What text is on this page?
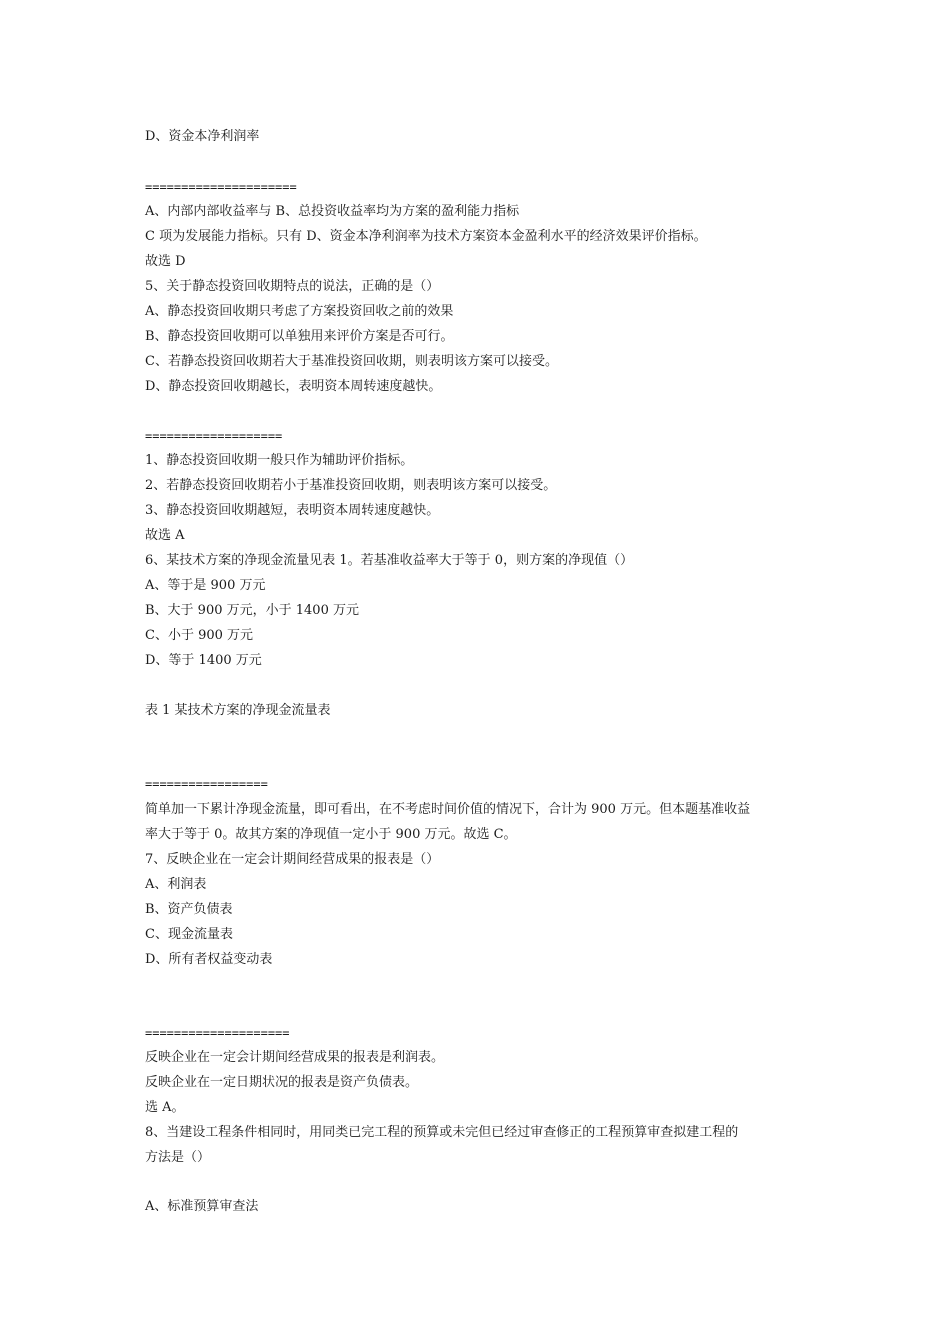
D、资金本净利润率
=====================
A、内部内部收益率与 B、总投资收益率均为方案的盈利能力指标
C 项为发展能力指标。只有 D、资金本净利润率为技术方案资本金盈利水平的经济效果评价指标。
故选 D
5、关于静态投资回收期特点的说法，正确的是（）
A、静态投资回收期只考虑了方案投资回收之前的效果
B、静态投资回收期可以单独用来评价方案是否可行。
C、若静态投资回收期若大于基准投资回收期，则表明该方案可以接受。
D、静态投资回收期越长，表明资本周转速度越快。
===================
1、静态投资回收期一般只作为辅助评价指标。
2、若静态投资回收期若小于基准投资回收期，则表明该方案可以接受。
3、静态投资回收期越短，表明资本周转速度越快。
故选 A
6、某技术方案的净现金流量见表 1。若基准收益率大于等于 0，则方案的净现值（）
A、等于是 900 万元
B、大于 900 万元，小于 1400 万元
C、小于 900 万元
D、等于 1400 万元
表 1 某技术方案的净现金流量表
=================
简单加一下累计净现金流量，即可看出，在不考虑时间价值的情况下，合计为 900 万元。但本题基准收益
率大于等于 0。故其方案的净现值一定小于 900 万元。故选 C。
7、反映企业在一定会计期间经营成果的报表是（）
A、利润表
B、资产负债表
C、现金流量表
D、所有者权益变动表
====================
反映企业在一定会计期间经营成果的报表是利润表。
反映企业在一定日期状况的报表是资产负债表。
选 A。
8、当建设工程条件相同时，用同类已完工程的预算或未完但已经过审查修正的工程预算审查拟建工程的
方法是（）
A、标准预算审查法
